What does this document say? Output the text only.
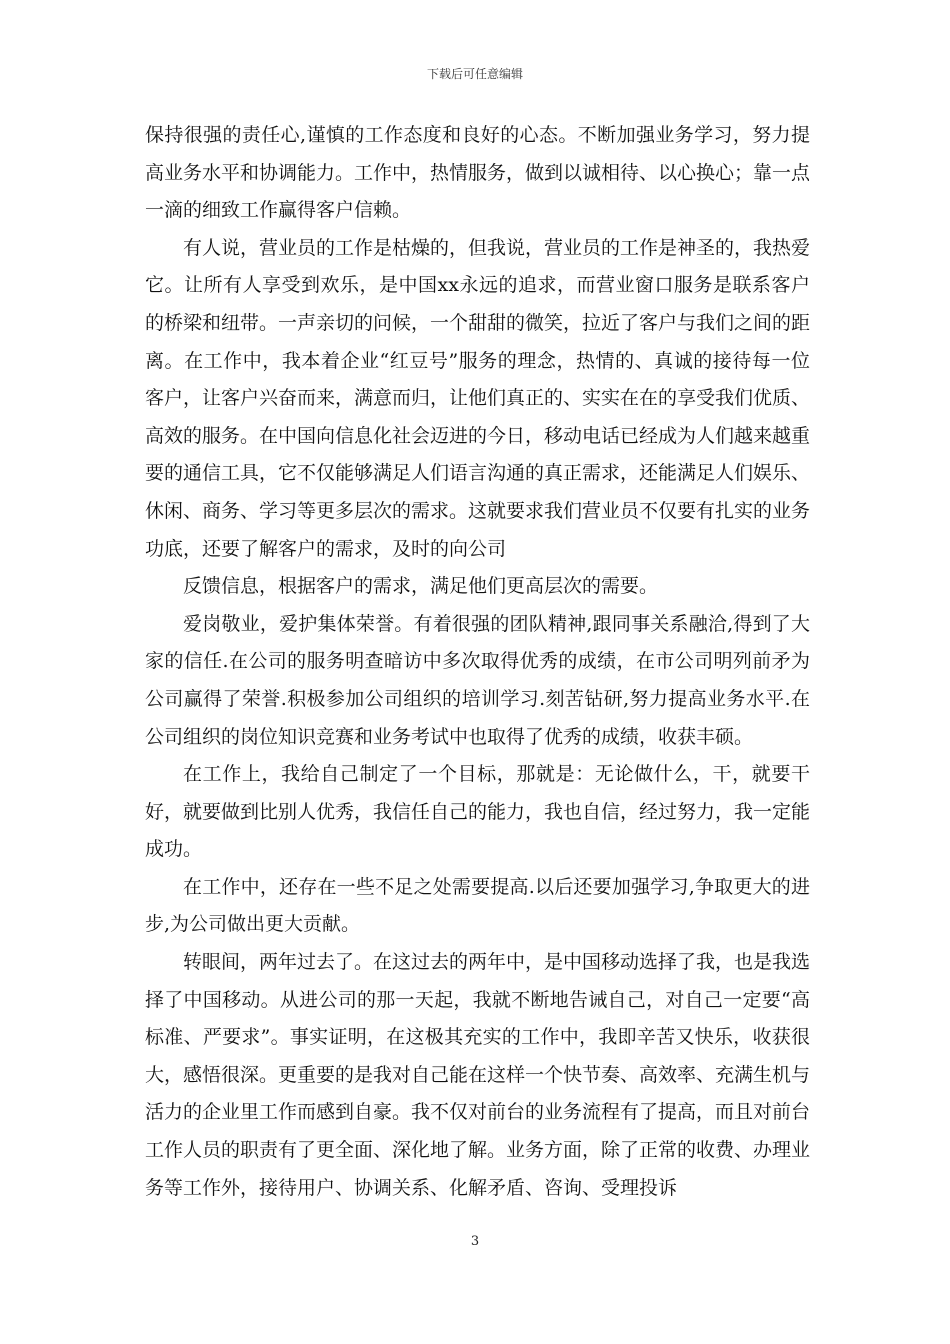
下载后可任意编辑

保持很强的责任心,谨慎的工作态度和良好的心态。不断加强业务学习，努力提高业务水平和协调能力。工作中，热情服务，做到以诚相待、以心换心；靠一点一滴的细致工作赢得客户信赖。

有人说，营业员的工作是枯燥的，但我说，营业员的工作是神圣的，我热爱它。让所有人享受到欢乐，是中国xx永远的追求，而营业窗口服务是联系客户的桥梁和纽带。一声亲切的问候，一个甜甜的微笑，拉近了客户与我们之间的距离。在工作中，我本着企业“红豆号”服务的理念，热情的、真诚的接待每一位客户，让客户兴奋而来，满意而归，让他们真正的、实实在在的享受我们优质、高效的服务。在中国向信息化社会迈进的今日，移动电话已经成为人们越来越重要的通信工具，它不仅能够满足人们语言沟通的真正需求，还能满足人们娱乐、休闲、商务、学习等更多层次的需求。这就要求我们营业员不仅要有扎实的业务功底，还要了解客户的需求，及时的向公司

反馈信息，根据客户的需求，满足他们更高层次的需要。

爱岗敬业，爱护集体荣誉。有着很强的团队精神,跟同事关系融洽,得到了大家的信任.在公司的服务明查暗访中多次取得优秀的成绩，在市公司明列前矛为公司赢得了荣誉.积极参加公司组织的培训学习.刻苦钻研,努力提高业务水平.在公司组织的岗位知识竞赛和业务考试中也取得了优秀的成绩，收获丰硕。

在工作上，我给自己制定了一个目标，那就是：无论做什么，干，就要干好，就要做到比别人优秀，我信任自己的能力，我也自信，经过努力，我一定能成功。

在工作中，还存在一些不足之处需要提高.以后还要加强学习,争取更大的进步,为公司做出更大贡献。

转眼间，两年过去了。在这过去的两年中，是中国移动选择了我，也是我选择了中国移动。从进公司的那一天起，我就不断地告诫自己，对自己一定要“高标准、严要求”。事实证明，在这极其充实的工作中，我即辛苦又快乐，收获很大，感悟很深。更重要的是我对自己能在这样一个快节奏、高效率、充满生机与活力的企业里工作而感到自豪。我不仅对前台的业务流程有了提高，而且对前台工作人员的职责有了更全面、深化地了解。业务方面，除了正常的收费、办理业务等工作外，接待用户、协调关系、化解矛盾、咨询、受理投诉

3
